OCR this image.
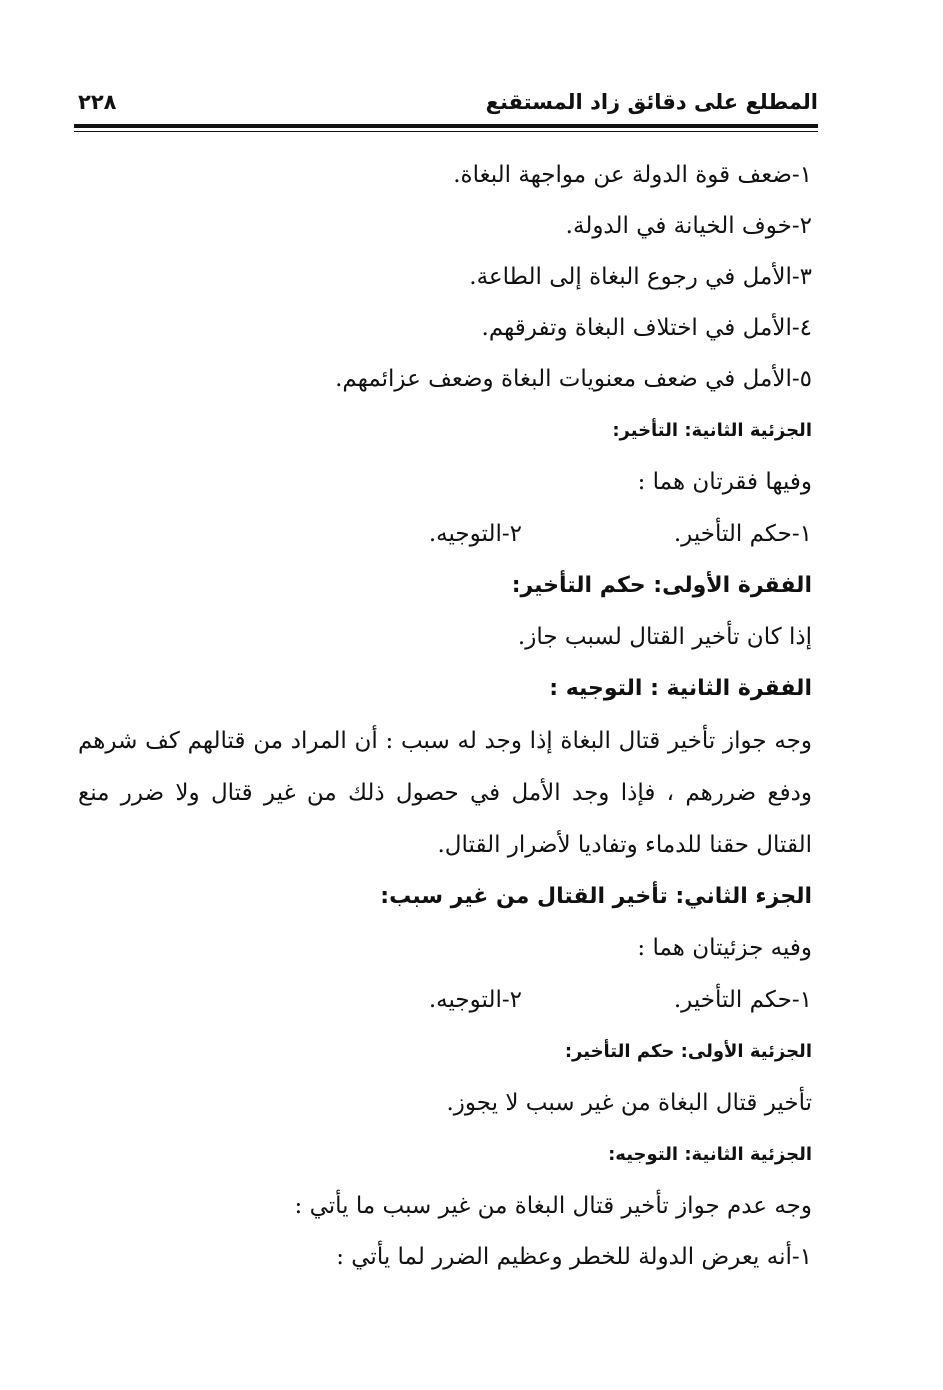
المطلع على دقائق زاد المستقنع
٢٢٨
١-ضعف قوة الدولة عن مواجهة البغاة.
٢-خوف الخيانة في الدولة.
٣-الأمل في رجوع البغاة إلى الطاعة.
٤-الأمل في اختلاف البغاة وتفرقهم.
٥-الأمل في ضعف معنويات البغاة وضعف عزائمهم.
الجزئية الثانية: التأخير:
وفيها فقرتان هما :
١-حكم التأخير.
٢-التوجيه.
الفقرة الأولى: حكم التأخير:
إذا كان تأخير القتال لسبب جاز.
الفقرة الثانية : التوجيه :
وجه جواز تأخير قتال البغاة إذا وجد له سبب : أن المراد من قتالهم كف شرهم ودفع ضررهم ، فإذا وجد الأمل في حصول ذلك من غير قتال ولا ضرر منع القتال حقنا للدماء وتفاديا لأضرار القتال.
الجزء الثاني: تأخير القتال من غير سبب:
وفيه جزئيتان هما :
١-حكم التأخير.
٢-التوجيه.
الجزئية الأولى: حكم التأخير:
تأخير قتال البغاة من غير سبب لا يجوز.
الجزئية الثانية: التوجيه:
وجه عدم جواز تأخير قتال البغاة من غير سبب ما يأتي :
١-أنه يعرض الدولة للخطر وعظيم الضرر لما يأتي :
